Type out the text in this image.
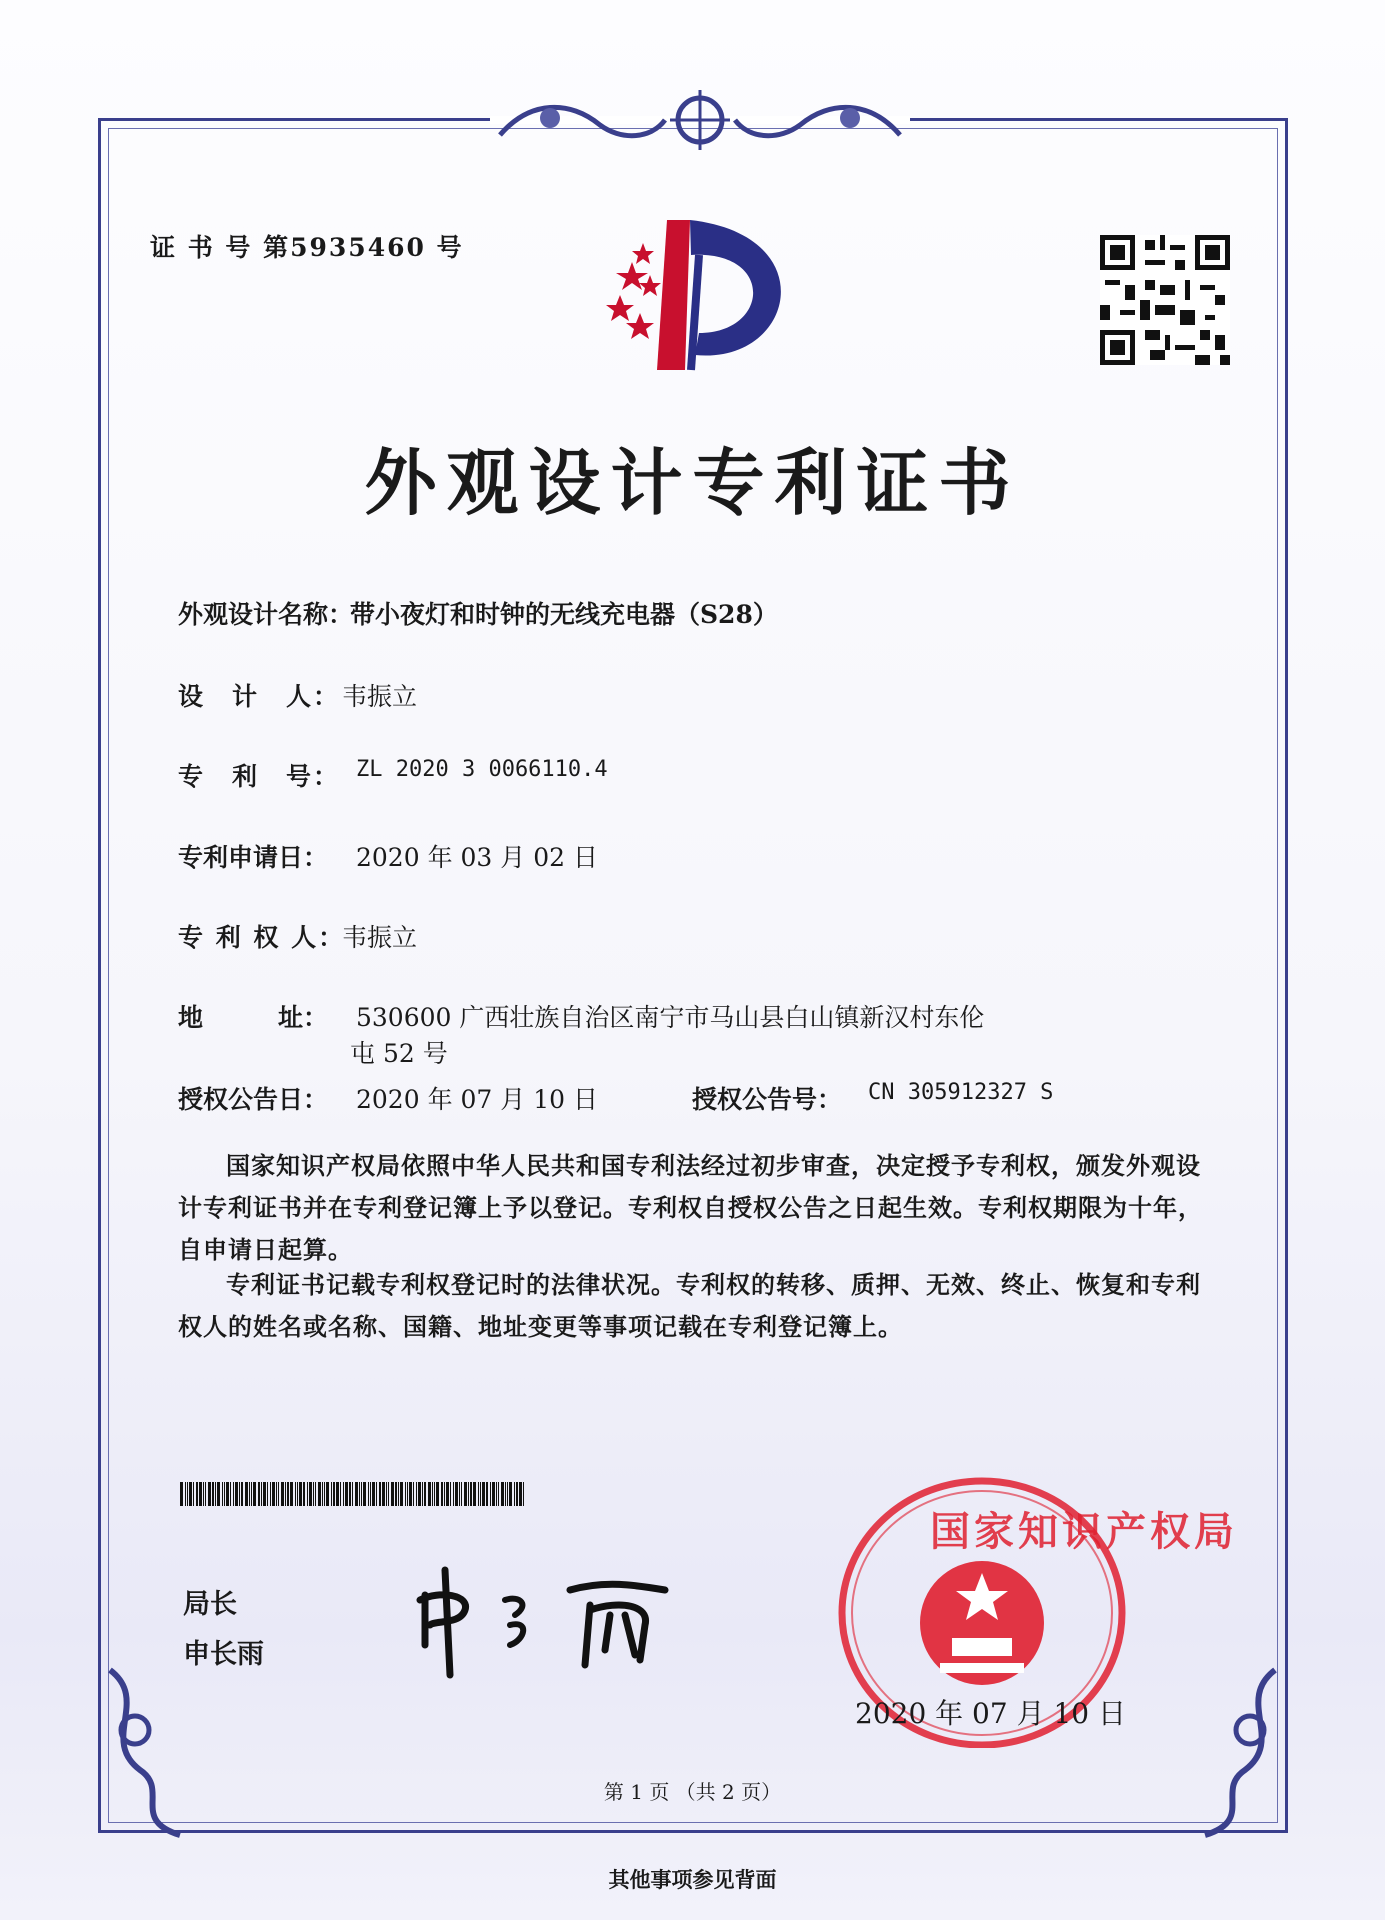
证 书 号 第5935460 号
外观设计专利证书
外观设计名称：
带小夜灯和时钟的无线充电器（S28）
设　计　人： 韦振立
专　利　号： ZL 2020 3 0066110.4
专利申请日： 2020 年 03 月 02 日
专 利 权 人：
韦振立
地　　　址： 530600 广西壮族自治区南宁市马山县白山镇新汉村东伦
屯 52 号
授权公告日： 2020 年 07 月 10 日	授权公告号： CN 305912327 S
国家知识产权局依照中华人民共和国专利法经过初步审查，决定授予专利权，颁发外观设计专利证书并在专利登记簿上予以登记。专利权自授权公告之日起生效。专利权期限为十年，自申请日起算。
专利证书记载专利权登记时的法律状况。专利权的转移、质押、无效、终止、恢复和专利权人的姓名或名称、国籍、地址变更等事项记载在专利登记簿上。
局长
申长雨
国家知识产权局
2020 年 07 月 10 日
第 1 页 （共 2 页）
其他事项参见背面
